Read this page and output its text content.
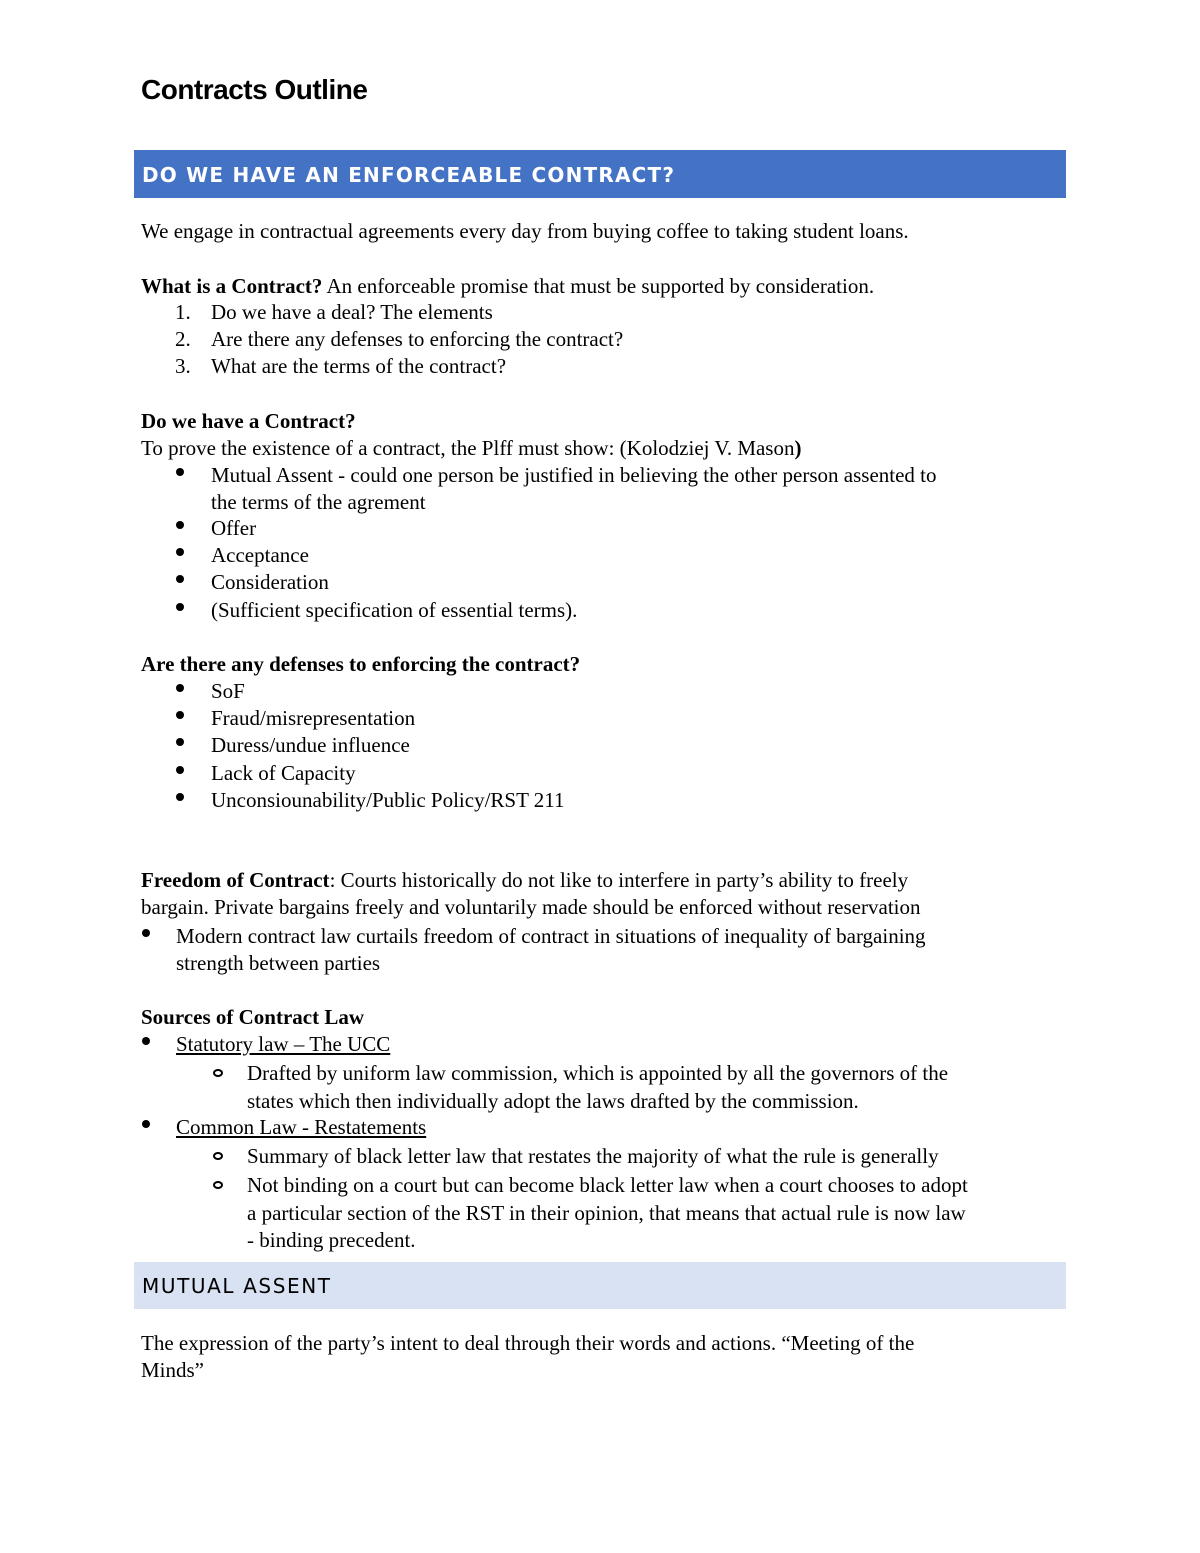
Contracts Outline
DO WE HAVE AN ENFORCEABLE CONTRACT?

We engage in contractual agreements every day from buying coffee to taking student loans.

What is a Contract? An enforceable promise that must be supported by consideration.

1. Do we have a deal? The elements
2. Are there any defenses to enforcing the contract?
3. What are the terms of the contract?

Do we have a Contract?

To prove the existence of a contract, the Plff must show: (Kolodziej V. Mason)

Mutual Assent - could one person be justified in believing the other person assented to
the terms of the agrement
Offer
Acceptance
Consideration
(Sufficient specification of essential terms).

Are there any defenses to enforcing the contract?

SoF
Fraud/misrepresentation
Duress/undue influence
Lack of Capacity
Unconsiounability/Public Policy/RST 211

Freedom of Contract: Courts historically do not like to interfere in party’s ability to freely

bargain. Private bargains freely and voluntarily made should be enforced without reservation

Modern contract law curtails freedom of contract in situations of inequality of bargaining
strength between parties

Sources of Contract Law

Statutory law – The UCC
Drafted by uniform law commission, which is appointed by all the governors of the
states which then individually adopt the laws drafted by the commission.
Common Law - Restatements
Summary of black letter law that restates the majority of what the rule is generally
Not binding on a court but can become black letter law when a court chooses to adopt
a particular section of the RST in their opinion, that means that actual rule is now law
- binding precedent.
MUTUAL ASSENT

The expression of the party’s intent to deal through their words and actions. “Meeting of the

Minds”
